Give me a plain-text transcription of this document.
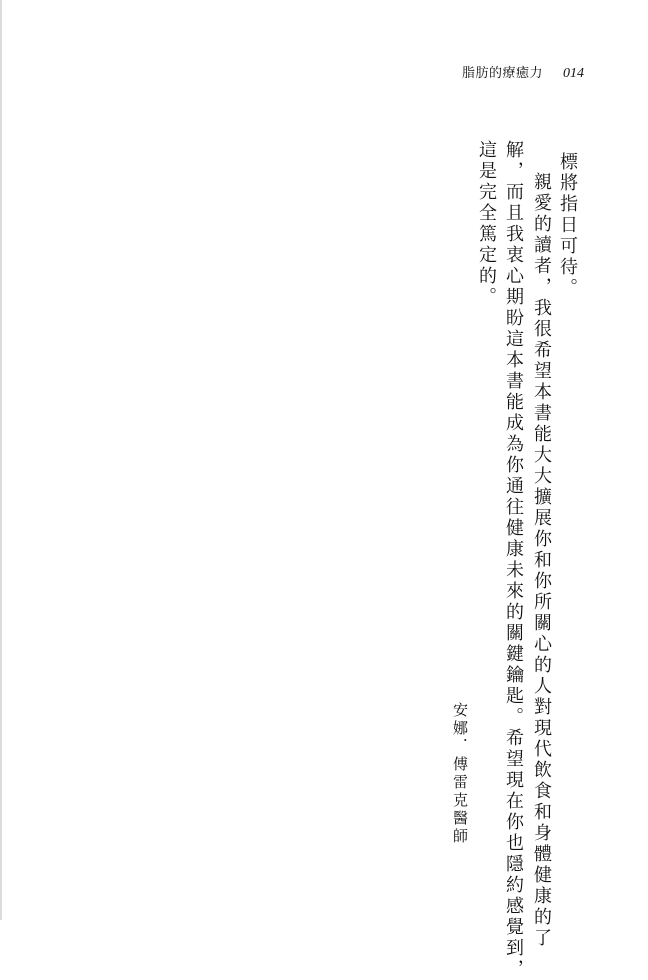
脂肪的療癒力 014
標將指日可待。
親愛的讀者，我很希望本書能大大擴展你和你所關心的人對現代飲食和身體健康的了
解，而且我衷心期盼這本書能成為你通往健康未來的關鍵鑰匙。希望現在你也隱約感覺到，
這是完全篤定的。
安娜．傅雷克醫師
